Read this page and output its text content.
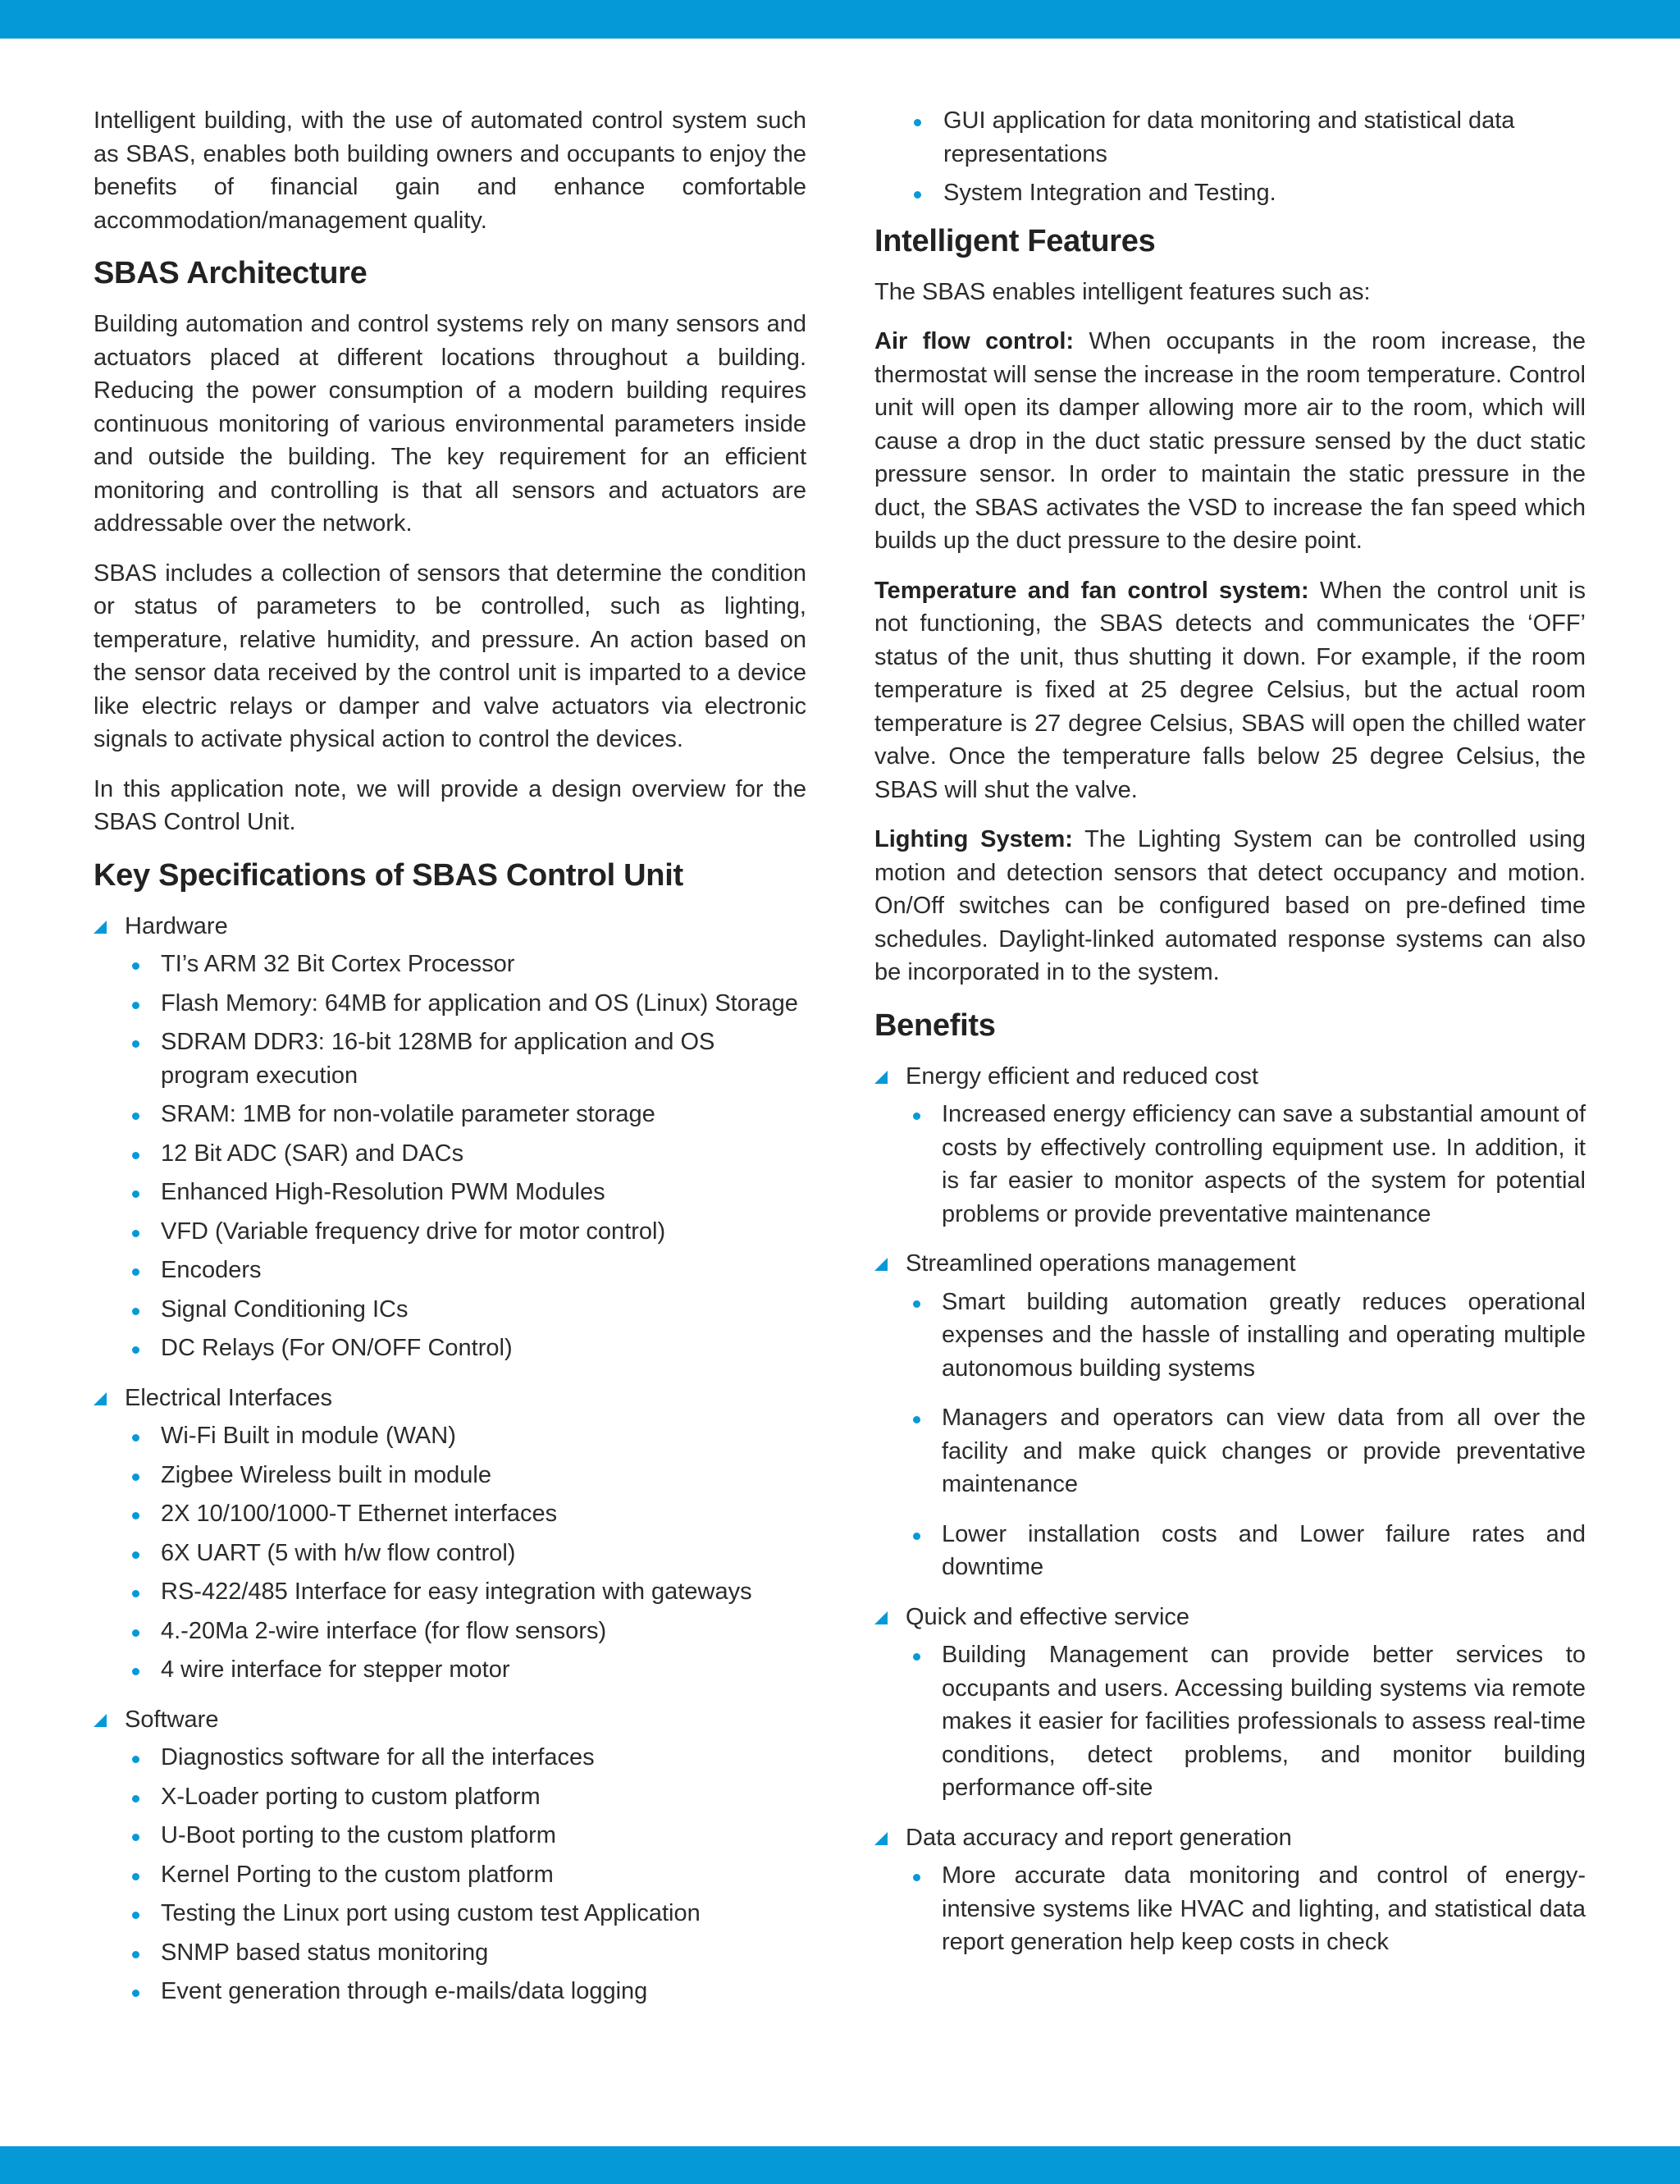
Intelligent building, with the use of automated control system such as SBAS, enables both building owners and occupants to enjoy the benefits of financial gain and enhance comfortable accommodation/management quality.

SBAS Architecture

Building automation and control systems rely on many sensors and actuators placed at different locations throughout a building. Reducing the power consumption of a modern building requires continuous monitoring of various environmental parameters inside and outside the building. The key requirement for an efficient monitoring and controlling is that all sensors and actuators are addressable over the network.

SBAS includes a collection of sensors that determine the condition or status of parameters to be controlled, such as lighting, temperature, relative humidity, and pressure. An action based on the sensor data received by the control unit is imparted to a device like electric relays or damper and valve actuators via electronic signals to activate physical action to control the devices.

In this application note, we will provide a design overview for the SBAS Control Unit.

Key Specifications of SBAS Control Unit
Hardware
TI’s ARM 32 Bit Cortex Processor
Flash Memory: 64MB for application and OS (Linux) Storage
SDRAM DDR3: 16-bit 128MB for application and OS program execution
SRAM: 1MB for non-volatile parameter storage
12 Bit ADC (SAR) and DACs
Enhanced High-Resolution PWM Modules
VFD (Variable frequency drive for motor control)
Encoders
Signal Conditioning ICs
DC Relays (For ON/OFF Control)
Electrical Interfaces
Wi-Fi Built in module (WAN)
Zigbee Wireless built in module
2X 10/100/1000-T Ethernet interfaces
6X UART (5 with h/w flow control)
RS-422/485 Interface for easy integration with gateways
4.-20Ma 2-wire interface (for flow sensors)
4 wire interface for stepper motor
Software
Diagnostics software for all the interfaces
X-Loader porting to custom platform
U-Boot porting to the custom platform
Kernel Porting to the custom platform
Testing the Linux port using custom test Application
SNMP based status monitoring
Event generation through e-mails/data logging
GUI application for data monitoring and statistical data representations
System Integration and Testing.
Intelligent Features

The SBAS enables intelligent features such as:

Air flow control: When occupants in the room increase, the thermostat will sense the increase in the room temperature. Control unit will open its damper allowing more air to the room, which will cause a drop in the duct static pressure sensed by the duct static pressure sensor. In order to maintain the static pressure in the duct, the SBAS activates the VSD to increase the fan speed which builds up the duct pressure to the desire point.

Temperature and fan control system: When the control unit is not functioning, the SBAS detects and communicates the ‘OFF’ status of the unit, thus shutting it down. For example, if the room temperature is fixed at 25 degree Celsius, but the actual room temperature is 27 degree Celsius, SBAS will open the chilled water valve. Once the temperature falls below 25 degree Celsius, the SBAS will shut the valve.

Lighting System: The Lighting System can be controlled using motion and detection sensors that detect occupancy and motion. On/Off switches can be configured based on pre-defined time schedules. Daylight-linked automated response systems can also be incorporated in to the system.

Benefits
Energy efficient and reduced cost
Increased energy efficiency can save a substantial amount of costs by effectively controlling equipment use. In addition, it is far easier to monitor aspects of the system for potential problems or provide preventative maintenance
Streamlined operations management
Smart building automation greatly reduces operational expenses and the hassle of installing and operating multiple autonomous building systems
Managers and operators can view data from all over the facility and make quick changes or provide preventative maintenance
Lower installation costs and Lower failure rates and downtime
Quick and effective service
Building Management can provide better services to occupants and users. Accessing building systems via remote makes it easier for facilities professionals to assess real-time conditions, detect problems, and monitor building performance off-site
Data accuracy and report generation
More accurate data monitoring and control of energy-intensive systems like HVAC and lighting, and statistical data report generation help keep costs in check
